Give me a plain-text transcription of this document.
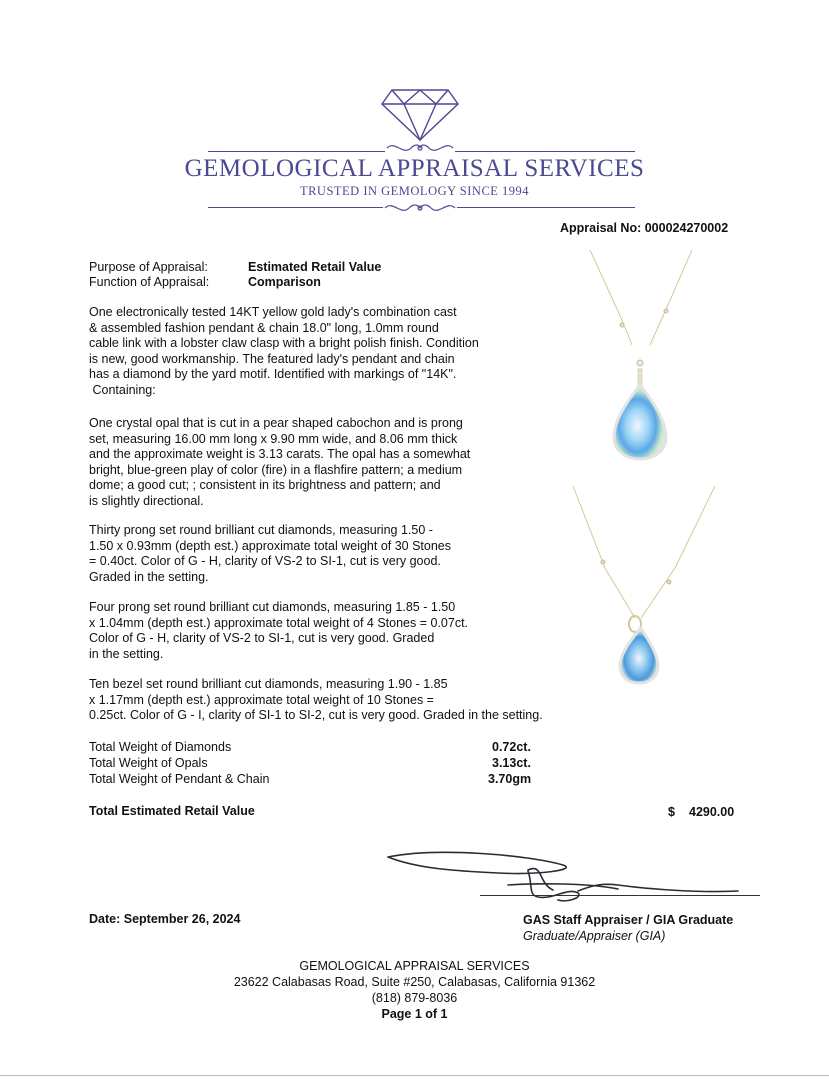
GEMOLOGICAL APPRAISAL SERVICES
TRUSTED IN GEMOLOGY SINCE 1994
Appraisal No: 000024270002
Purpose of Appraisal:	Estimated Retail Value
Function of Appraisal:	Comparison

One electronically tested 14KT yellow gold lady's combination cast

& assembled fashion pendant & chain 18.0" long, 1.0mm round

cable link with a lobster claw clasp with a bright polish finish. Condition

is new, good workmanship. The featured lady's pendant and chain

has a diamond by the yard motif. Identified with markings of "14K".

Containing:

One crystal opal that is cut in a pear shaped cabochon and is prong

set, measuring 16.00 mm long x 9.90 mm wide, and 8.06 mm thick

and the approximate weight is 3.13 carats. The opal has a somewhat

bright, blue-green play of color (fire) in a flashfire pattern; a medium

dome; a good cut; ; consistent in its brightness and pattern; and

is slightly directional.

Thirty prong set round brilliant cut diamonds, measuring 1.50 -

1.50 x 0.93mm (depth est.) approximate total weight of 30 Stones

= 0.40ct. Color of G - H, clarity of VS-2 to SI-1, cut is very good.

Graded in the setting.

Four prong set round brilliant cut diamonds, measuring 1.85 - 1.50

x 1.04mm (depth est.) approximate total weight of 4 Stones = 0.07ct.

Color of G - H, clarity of VS-2 to SI-1, cut is very good. Graded

in the setting.

Ten bezel set round brilliant cut diamonds, measuring 1.90 - 1.85

x 1.17mm (depth est.) approximate total weight of 10 Stones =

0.25ct. Color of G - I, clarity of SI-1 to SI-2, cut is very good. Graded in the setting.

Total Weight of Diamonds	0.72ct.
Total Weight of Opals	3.13ct.
Total Weight of Pendant & Chain	3.70gm
Total Estimated Retail Value	$ 4290.00
Date: September 26, 2024	GAS Staff Appraiser / GIA Graduate
Graduate/Appraiser (GIA)
GEMOLOGICAL APPRAISAL SERVICES
23622 Calabasas Road, Suite #250, Calabasas, California 91362
(818) 879-8036
Page 1 of 1
